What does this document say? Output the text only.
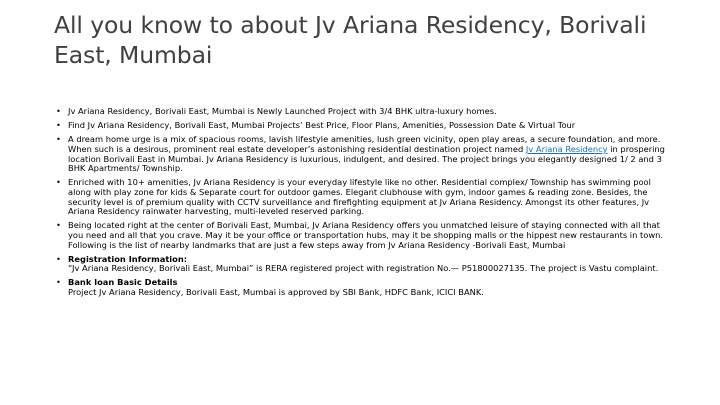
All you know to about Jv Ariana Residency, Borivali
East, Mumbai
• Jv Ariana Residency, Borivali East, Mumbai is Newly Launched Project with 3/4 BHK ultra-luxury homes.
• Find Jv Ariana Residency, Borivali East, Mumbai Projects’ Best Price, Floor Plans, Amenities, Possession Date & Virtual Tour
• A dream home urge is a mix of spacious rooms, lavish lifestyle amenities, lush green vicinity, open play areas, a secure foundation, and more. When such is a desirous, prominent real estate developer’s astonishing residential destination project named Jv Ariana Residency in prospering location Borivali East in Mumbai. Jv Ariana Residency is luxurious, indulgent, and desired. The project brings you elegantly designed 1/ 2 and 3 BHK Apartments/ Township.
• Enriched with 10+ amenities, Jv Ariana Residency is your everyday lifestyle like no other. Residential complex/ Township has swimming pool along with play zone for kids & Separate court for outdoor games. Elegant clubhouse with gym, indoor games & reading zone. Besides, the security level is of premium quality with CCTV surveillance and firefighting equipment at Jv Ariana Residency. Amongst its other features, Jv Ariana Residency rainwater harvesting, multi-leveled reserved parking.
• Being located right at the center of Borivali East, Mumbai, Jv Ariana Residency offers you unmatched leisure of staying connected with all that you need and all that you crave. May it be your office or transportation hubs, may it be shopping malls or the hippest new restaurants in town. Following is the list of nearby landmarks that are just a few steps away from Jv Ariana Residency -Borivali East, Mumbai
• Registration Information:
“Jv Ariana Residency, Borivali East, Mumbai” is RERA registered project with registration No.— P51800027135. The project is Vastu complaint.
• Bank loan Basic Details
Project Jv Ariana Residency, Borivali East, Mumbai is approved by SBI Bank, HDFC Bank, ICICI BANK.
